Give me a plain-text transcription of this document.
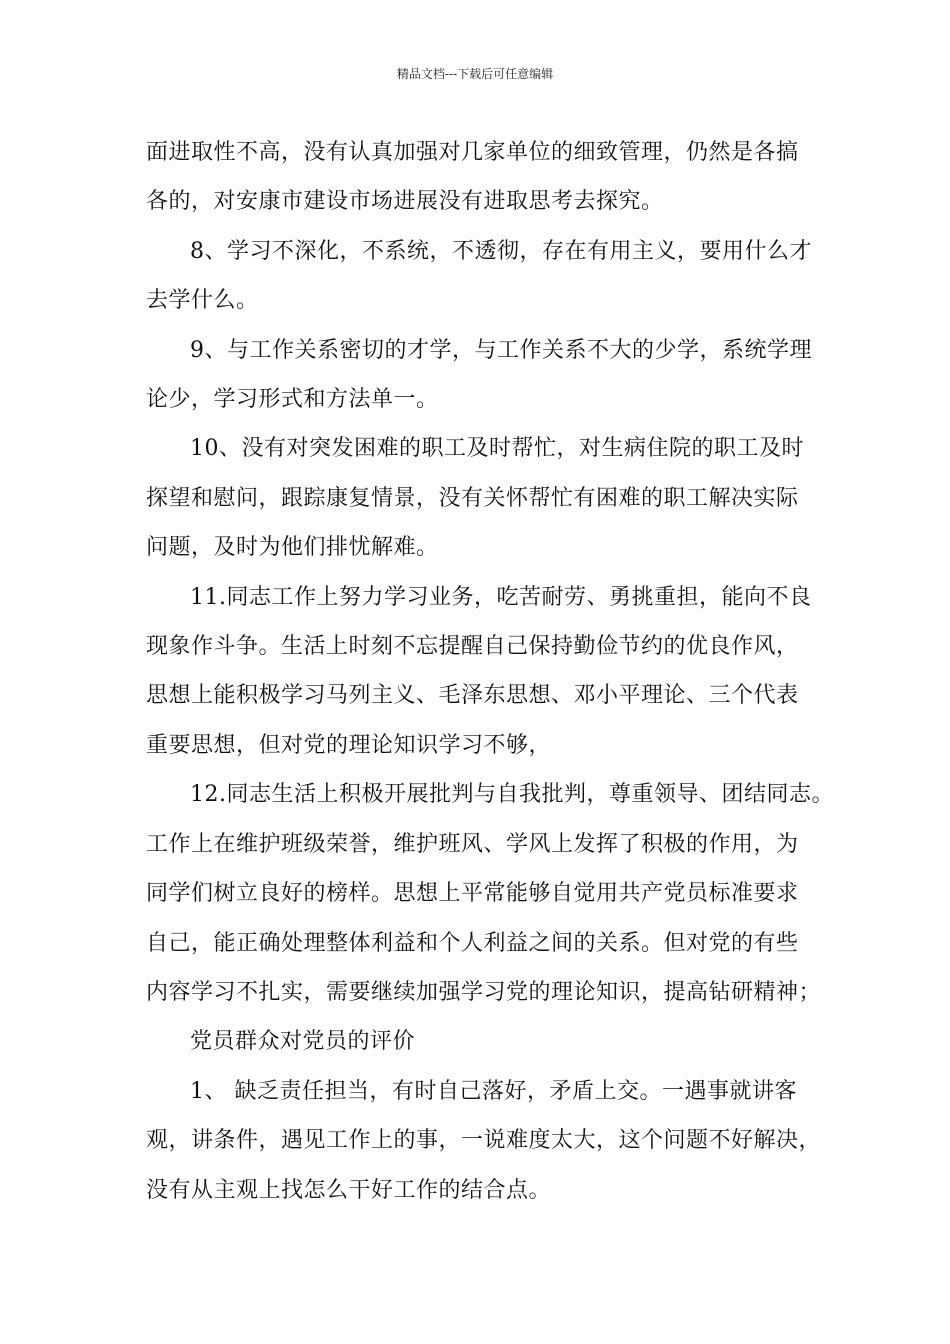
精品文档---下载后可任意编辑
面进取性不高，没有认真加强对几家单位的细致管理，仍然是各搞
各的，对安康市建设市场进展没有进取思考去探究。
8、学习不深化，不系统，不透彻，存在有用主义，要用什么才
去学什么。
9、与工作关系密切的才学，与工作关系不大的少学，系统学理
论少，学习形式和方法单一。
10、没有对突发困难的职工及时帮忙，对生病住院的职工及时
探望和慰问，跟踪康复情景，没有关怀帮忙有困难的职工解决实际
问题，及时为他们排忧解难。
11.同志工作上努力学习业务，吃苦耐劳、勇挑重担，能向不良
现象作斗争。生活上时刻不忘提醒自己保持勤俭节约的优良作风，
思想上能积极学习马列主义、毛泽东思想、邓小平理论、三个代表
重要思想，但对党的理论知识学习不够，
12.同志生活上积极开展批判与自我批判，尊重领导、团结同志。
工作上在维护班级荣誉，维护班风、学风上发挥了积极的作用，为
同学们树立良好的榜样。思想上平常能够自觉用共产党员标准要求
自己，能正确处理整体利益和个人利益之间的关系。但对党的有些
内容学习不扎实，需要继续加强学习党的理论知识，提高钻研精神；
党员群众对党员的评价
1、 缺乏责任担当，有时自己落好，矛盾上交。一遇事就讲客
观，讲条件，遇见工作上的事，一说难度太大，这个问题不好解决，
没有从主观上找怎么干好工作的结合点。
